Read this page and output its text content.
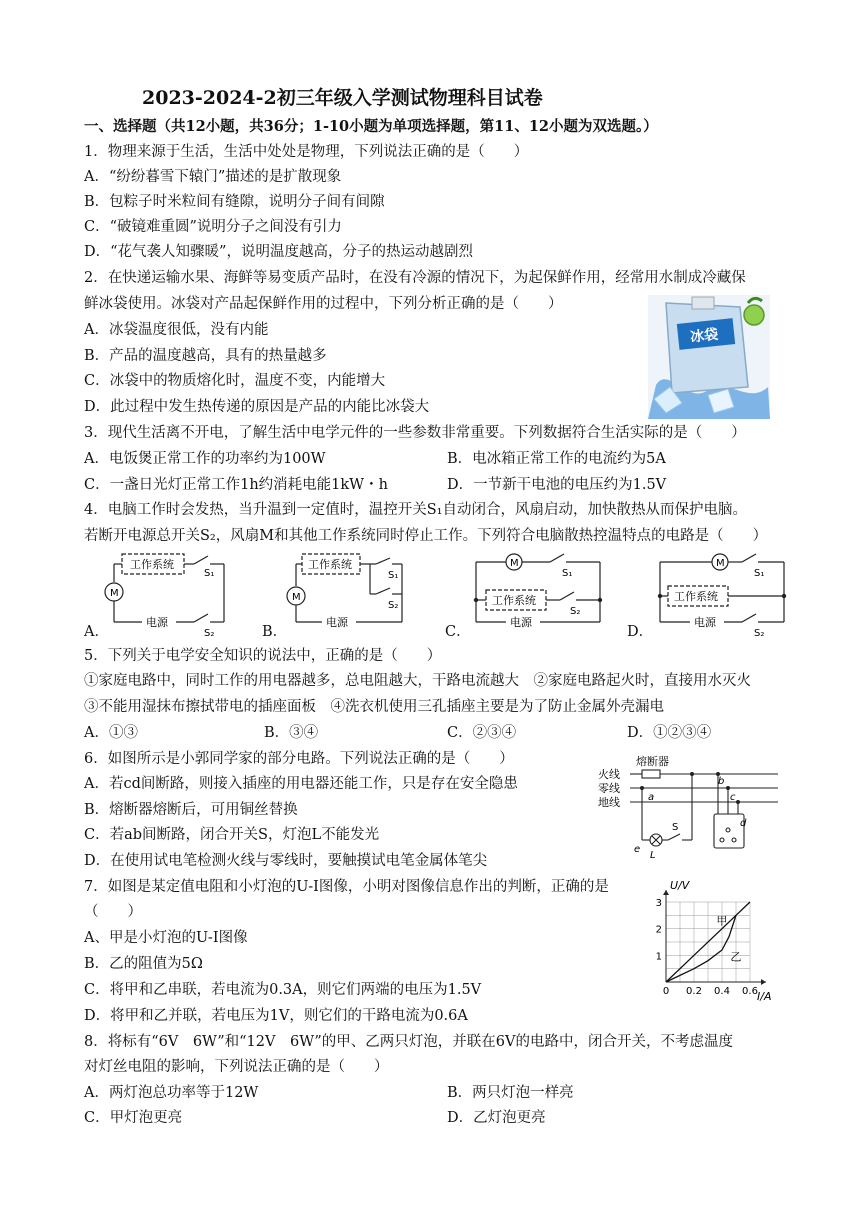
2023-2024-2初三年级入学测试物理科目试卷
一、选择题（共12小题，共36分；1-10小题为单项选择题，第11、12小题为双选题。）
1．物理来源于生活，生活中处处是物理，下列说法正确的是（　　）
A．“纷纷暮雪下辕门”描述的是扩散现象
B．包粽子时米粒间有缝隙，说明分子间有间隙
C．“破镜难重圆”说明分子之间没有引力
D．“花气袭人知骤暖”，说明温度越高，分子的热运动越剧烈
2．在快递运输水果、海鲜等易变质产品时，在没有冷源的情况下，为起保鲜作用，经常用水制成冷藏保
鲜冰袋使用。冰袋对产品起保鲜作用的过程中，下列分析正确的是（　　）
A．冰袋温度很低，没有内能
B．产品的温度越高，具有的热量越多
C．冰袋中的物质熔化时，温度不变，内能增大
D．此过程中发生热传递的原因是产品的内能比冰袋大
冰袋
3．现代生活离不开电，了解生活中电学元件的一些参数非常重要。下列数据符合生活实际的是（　　）
A．电饭煲正常工作的功率约为100W	B．电冰箱正常工作的电流约为5A
C．一盏日光灯正常工作1h约消耗电能1kW・h	D．一节新干电池的电压约为1.5V
4．电脑工作时会发热，当升温到一定值时，温控开关S₁自动闭合，风扇启动，加快散热从而保护电脑。
若断开电源总开关S₂，风扇M和其他工作系统同时停止工作。下列符合电脑散热控温特点的电路是（　　）
A．
工作系统
M
电源
S₁
S₂	B．
工作系统
M
电源
S₁
S₂
C．
M
工作系统
电源
S₁
S₂
D．
M
工作系统
电源
S₁
S₂
5．下列关于电学安全知识的说法中，正确的是（　　）
①家庭电路中，同时工作的用电器越多，总电阻越大，干路电流越大　②家庭电路起火时，直接用水灭火
③不能用湿抹布擦拭带电的插座面板　④洗衣机使用三孔插座主要是为了防止金属外壳漏电
A．①③	B．③④	C．②③④	D．①②③④
6．如图所示是小郭同学家的部分电路。下列说法正确的是（　　）
A．若cd间断路，则接入插座的用电器还能工作，只是存在安全隐患
B．熔断器熔断后，可用铜丝替换
C．若ab间断路，闭合开关S，灯泡L不能发光
D．在使用试电笔检测火线与零线时，要触摸试电笔金属体笔尖
熔断器
火线
零线
地线	a
b
c
d
e
S
L
7．如图是某定值电阻和小灯泡的U-I图像，小明对图像信息作出的判断，正确的是
（　　）
A、甲是小灯泡的U-I图像
B．乙的阻值为5Ω
C．将甲和乙串联，若电流为0.3A，则它们两端的电压为1.5V
D．将甲和乙并联，若电压为1V，则它们的干路电流为0.6A
甲
乙
0 0.2 0.4 0.6
1
2
3
U/V
I/A
8．将标有“6V　6W”和“12V　6W”的甲、乙两只灯泡，并联在6V的电路中，闭合开关，不考虑温度
对灯丝电阻的影响，下列说法正确的是（　　）
A．两灯泡总功率等于12W	B．两只灯泡一样亮
C．甲灯泡更亮	D．乙灯泡更亮
